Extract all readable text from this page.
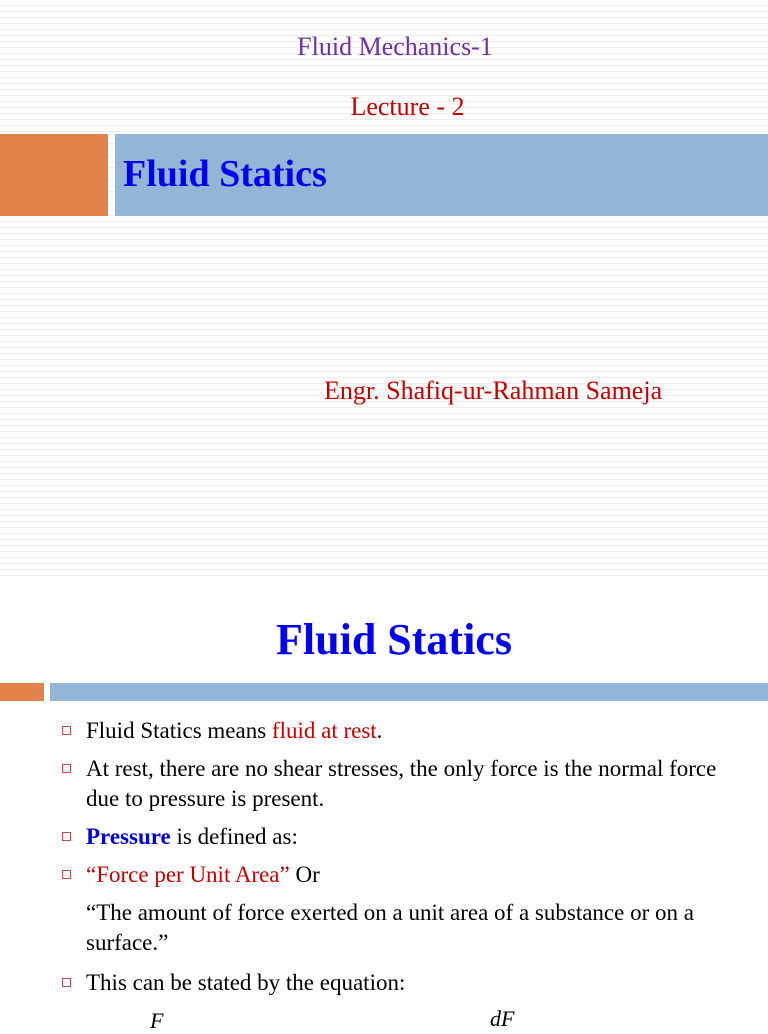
Fluid Mechanics-1
Lecture - 2
Fluid Statics
Engr. Shafiq-ur-Rahman Sameja
Fluid Statics
Fluid Statics means fluid at rest.
At rest, there are no shear stresses, the only force is the normal force due to pressure is present.
Pressure is defined as:
“Force per Unit Area” Or
“The amount of force exerted on a unit area of a substance or on a surface.”
This can be stated by the equation:
F	dF
